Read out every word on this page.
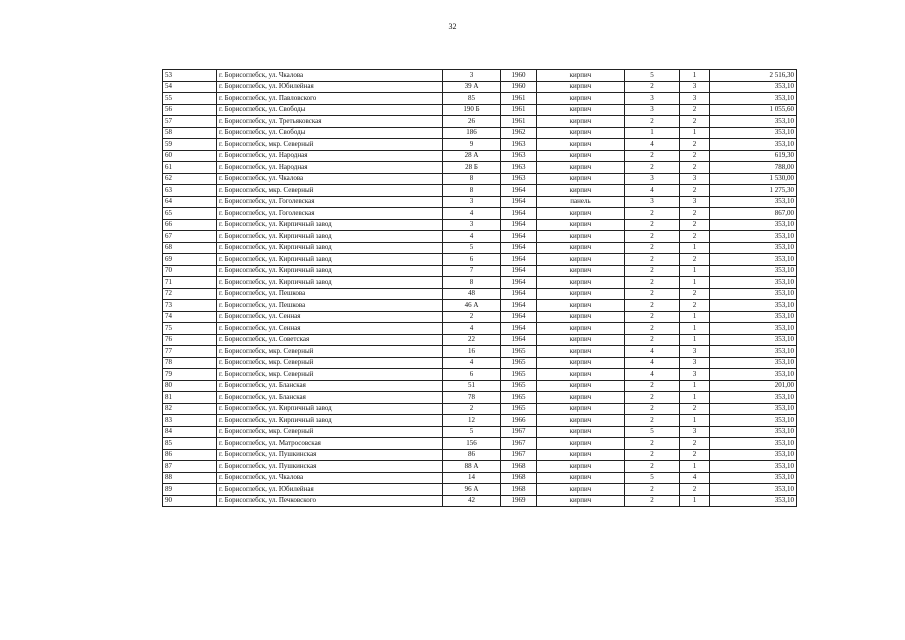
32
53	г. Борисоглебск, ул. Чкалова	3	1960	кирпич	5	1	2 516,30
54	г. Борисоглебск, ул. Юбилейная	39 А	1960	кирпич	2	3	353,10
55	г. Борисоглебск, ул. Павловского	85	1961	кирпич	3	3	353,10
56	г. Борисоглебск, ул. Свободы	190 Б	1961	кирпич	3	2	1 055,60
57	г. Борисоглебск, ул. Третьяковская	26	1961	кирпич	2	2	353,10
58	г. Борисоглебск, ул. Свободы	186	1962	кирпич	1	1	353,10
59	г. Борисоглебск, мкр. Северный	9	1963	кирпич	4	2	353,10
60	г. Борисоглебск, ул. Народная	28 А	1963	кирпич	2	2	619,30
61	г. Борисоглебск, ул. Народная	28 Б	1963	кирпич	2	2	788,00
62	г. Борисоглебск, ул. Чкалова	8	1963	кирпич	3	3	1 530,00
63	г. Борисоглебск, мкр. Северный	8	1964	кирпич	4	2	1 275,30
64	г. Борисоглебск, ул. Гоголевская	3	1964	панель	3	3	353,10
65	г. Борисоглебск, ул. Гоголевская	4	1964	кирпич	2	2	867,00
66	г. Борисоглебск, ул. Кирпичный завод	3	1964	кирпич	2	2	353,10
67	г. Борисоглебск, ул. Кирпичный завод	4	1964	кирпич	2	2	353,10
68	г. Борисоглебск, ул. Кирпичный завод	5	1964	кирпич	2	1	353,10
69	г. Борисоглебск, ул. Кирпичный завод	6	1964	кирпич	2	2	353,10
70	г. Борисоглебск, ул. Кирпичный завод	7	1964	кирпич	2	1	353,10
71	г. Борисоглебск, ул. Кирпичный завод	8	1964	кирпич	2	1	353,10
72	г. Борисоглебск, ул. Пешкова	48	1964	кирпич	2	2	353,10
73	г. Борисоглебск, ул. Пешкова	46 А	1964	кирпич	2	2	353,10
74	г. Борисоглебск, ул. Сенная	2	1964	кирпич	2	1	353,10
75	г. Борисоглебск, ул. Сенная	4	1964	кирпич	2	1	353,10
76	г. Борисоглебск, ул. Советская	22	1964	кирпич	2	1	353,10
77	г. Борисоглебск, мкр. Северный	16	1965	кирпич	4	3	353,10
78	г. Борисоглебск, мкр. Северный	4	1965	кирпич	4	3	353,10
79	г. Борисоглебск, мкр. Северный	6	1965	кирпич	4	3	353,10
80	г. Борисоглебск, ул. Бланская	51	1965	кирпич	2	1	201,00
81	г. Борисоглебск, ул. Бланская	78	1965	кирпич	2	1	353,10
82	г. Борисоглебск, ул. Кирпичный завод	2	1965	кирпич	2	2	353,10
83	г. Борисоглебск, ул. Кирпичный завод	12	1966	кирпич	2	1	353,10
84	г. Борисоглебск, мкр. Северный	5	1967	кирпич	5	3	353,10
85	г. Борисоглебск, ул. Матросовская	156	1967	кирпич	2	2	353,10
86	г. Борисоглебск, ул. Пушкинская	86	1967	кирпич	2	2	353,10
87	г. Борисоглебск, ул. Пушкинская	88 А	1968	кирпич	2	1	353,10
88	г. Борисоглебск, ул. Чкалова	14	1968	кирпич	5	4	353,10
89	г. Борисоглебск, ул. Юбилейная	96 А	1968	кирпич	2	2	353,10
90	г. Борисоглебск, ул. Печковского	42	1969	кирпич	2	1	353,10
